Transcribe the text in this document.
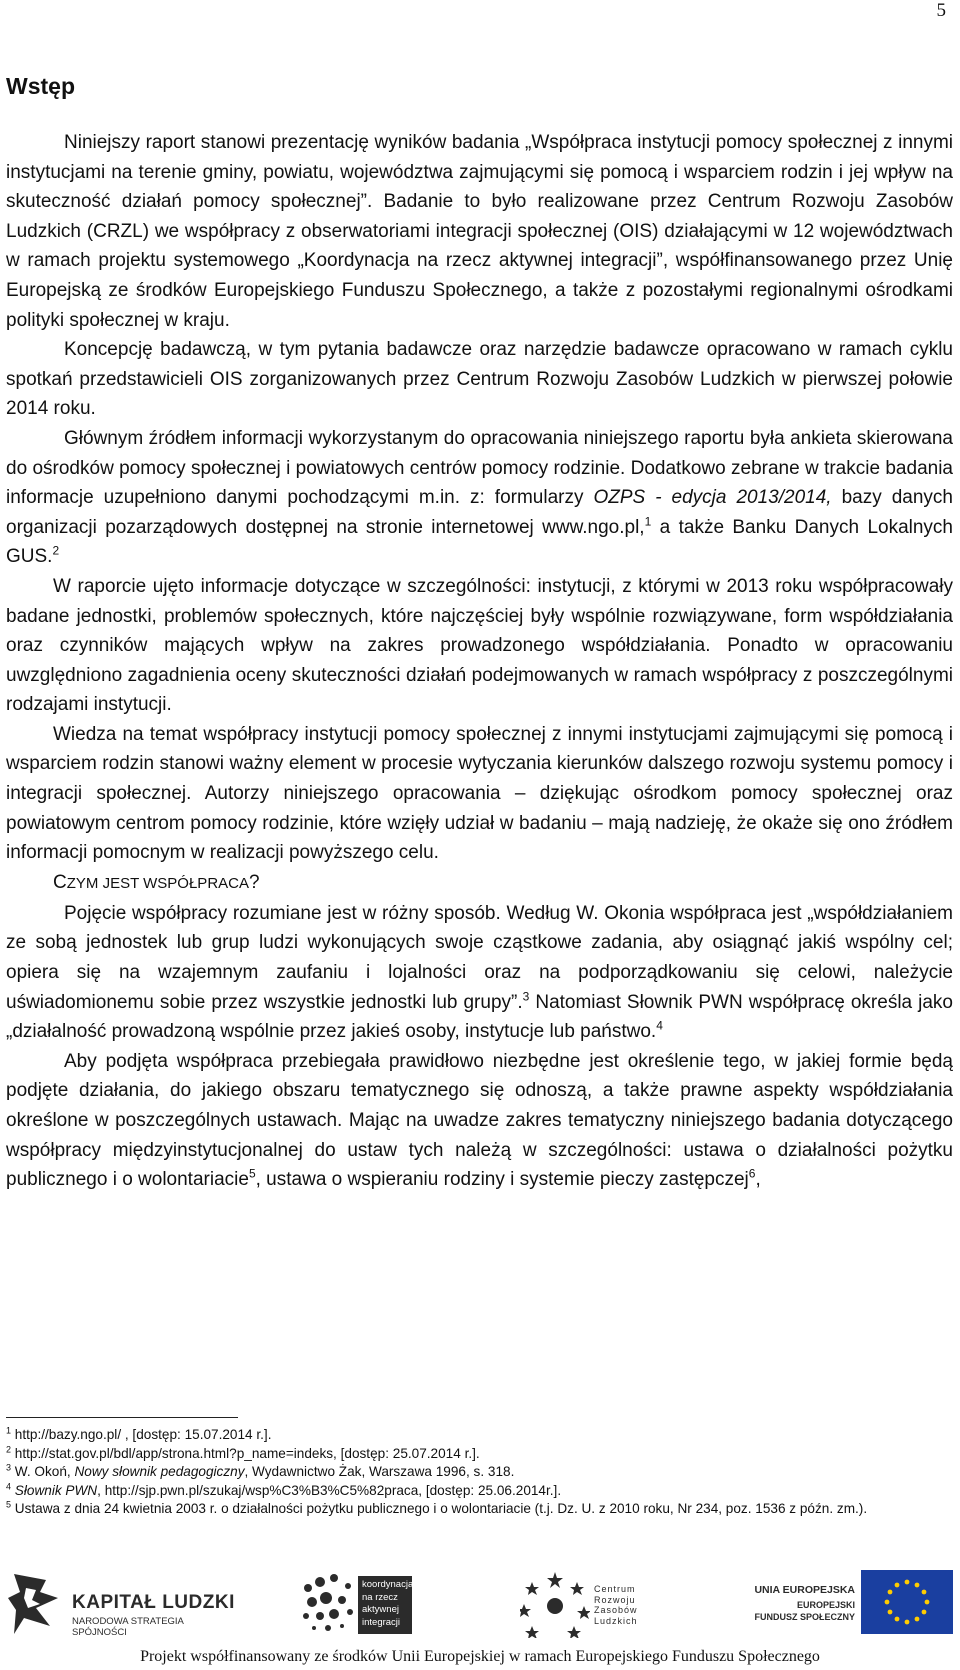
5
Wstęp

Niniejszy raport stanowi prezentację wyników badania „Współpraca instytucji pomocy społecznej z innymi instytucjami na terenie gminy, powiatu, województwa zajmującymi się pomocą i wsparciem rodzin i jej wpływ na skuteczność działań pomocy społecznej”. Badanie to było realizowane przez Centrum Rozwoju Zasobów Ludzkich (CRZL) we współpracy z obserwatoriami integracji społecznej (OIS) działającymi w 12 województwach w ramach projektu systemowego „Koordynacja na rzecz aktywnej integracji”, współfinansowanego przez Unię Europejską ze środków Europejskiego Funduszu Społecznego, a także z pozostałymi regionalnymi ośrodkami polityki społecznej w kraju.

Koncepcję badawczą, w tym pytania badawcze oraz narzędzie badawcze opracowano w ramach cyklu spotkań przedstawicieli OIS zorganizowanych przez Centrum Rozwoju Zasobów Ludzkich w pierwszej połowie 2014 roku.

Głównym źródłem informacji wykorzystanym do opracowania niniejszego raportu była ankieta skierowana do ośrodków pomocy społecznej i powiatowych centrów pomocy rodzinie. Dodatkowo zebrane w trakcie badania informacje uzupełniono danymi pochodzącymi m.in. z: formularzy OZPS - edycja 2013/2014, bazy danych organizacji pozarządowych dostępnej na stronie internetowej www.ngo.pl,$^1$ a także Banku Danych Lokalnych GUS.$^2$

W raporcie ujęto informacje dotyczące w szczególności: instytucji, z którymi w 2013 roku współpracowały badane jednostki, problemów społecznych, które najczęściej były wspólnie rozwiązywane, form współdziałania oraz czynników mających wpływ na zakres prowadzonego współdziałania. Ponadto w opracowaniu uwzględniono zagadnienia oceny skuteczności działań podejmowanych w ramach współpracy z poszczególnymi rodzajami instytucji.

Wiedza na temat współpracy instytucji pomocy społecznej z innymi instytucjami zajmującymi się pomocą i wsparciem rodzin stanowi ważny element w procesie wytyczania kierunków dalszego rozwoju systemu pomocy i integracji społecznej. Autorzy niniejszego opracowania – dziękując ośrodkom pomocy społecznej oraz powiatowym centrom pomocy rodzinie, które wzięły udział w badaniu – mają nadzieję, że okaże się ono źródłem informacji pomocnym w realizacji powyższego celu.

CZYM JEST WSPÓŁPRACA?

Pojęcie współpracy rozumiane jest w różny sposób. Według W. Okonia współpraca jest „współdziałaniem ze sobą jednostek lub grup ludzi wykonujących swoje cząstkowe zadania, aby osiągnąć jakiś wspólny cel; opiera się na wzajemnym zaufaniu i lojalności oraz na podporządkowaniu się celowi, należycie uświadomionemu sobie przez wszystkie jednostki lub grupy”.$^3$ Natomiast Słownik PWN współpracę określa jako „działalność prowadzoną wspólnie przez jakieś osoby, instytucje lub państwo.$^4$

Aby podjęta współpraca przebiegała prawidłowo niezbędne jest określenie tego, w jakiej formie będą podjęte działania, do jakiego obszaru tematycznego się odnoszą, a także prawne aspekty współdziałania określone w poszczególnych ustawach. Mając na uwadze zakres tematyczny niniejszego badania dotyczącego współpracy międzyinstytucjonalnej do ustaw tych należą w szczególności: ustawa o działalności pożytku publicznego i o wolontariacie$^5$, ustawa o wspieraniu rodziny i systemie pieczy zastępczej$^6$,

$^1$ http://bazy.ngo.pl/ , [dostęp: 15.07.2014 r.].

$^2$ http://stat.gov.pl/bdl/app/strona.html?p_name=indeks, [dostęp: 25.07.2014 r.].

$^3$ W. Okoń, Nowy słownik pedagogiczny, Wydawnictwo Żak, Warszawa 1996, s. 318.

$^4$ Słownik PWN, http://sjp.pwn.pl/szukaj/wsp%C3%B3%C5%82praca, [dostęp: 25.06.2014r.].

$^5$ Ustawa z dnia 24 kwietnia 2003 r. o działalności pożytku publicznego i o wolontariacie (t.j. Dz. U. z 2010 roku, Nr 234, poz. 1536 z późn. zm.).

KAPITAŁ LUDZKI
NARODOWA STRATEGIA SPÓJNOŚCI
koordynacja
na rzecz
aktywnej
integracji
Centrum
Rozwoju
Zasobów
Ludzkich
UNIA EUROPEJSKA
EUROPEJSKI
FUNDUSZ SPOŁECZNY
Projekt współfinansowany ze środków Unii Europejskiej w ramach Europejskiego Funduszu Społecznego
